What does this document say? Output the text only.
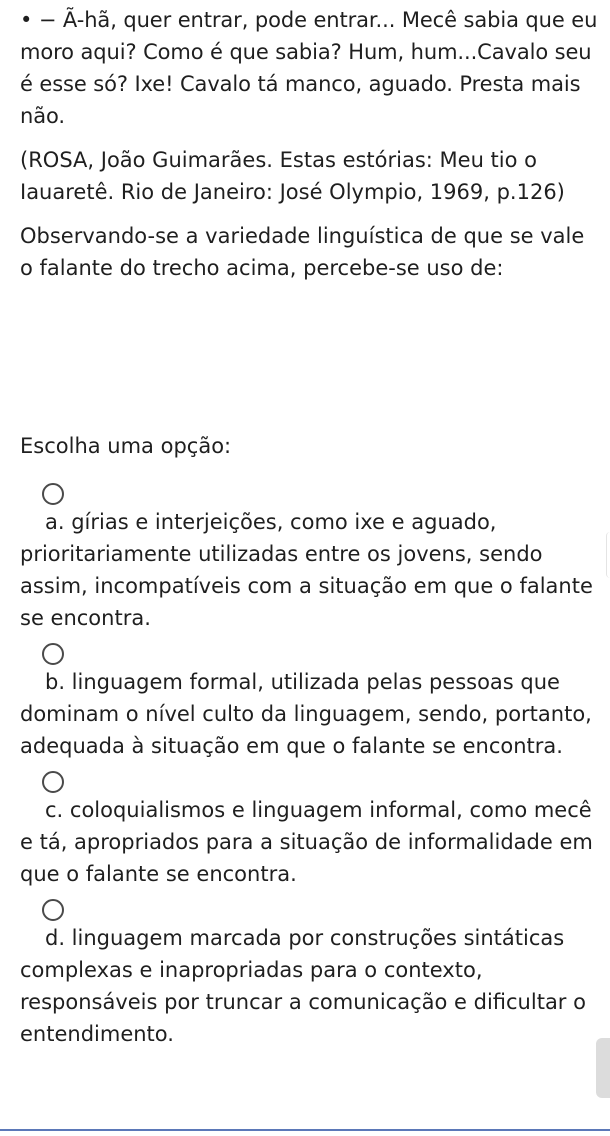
• − Ã-hã, quer entrar, pode entrar... Mecê sabia que eu moro aqui? Como é que sabia? Hum, hum...Cavalo seu é esse só? Ixe! Cavalo tá manco, aguado. Presta mais não.

(ROSA, João Guimarães. Estas estórias: Meu tio o Iauaretê. Rio de Janeiro: José Olympio, 1969, p.126)

Observando-se a variedade linguística de que se vale o falante do trecho acima, percebe-se uso de:

Escolha uma opção:
a. gírias e interjeições, como ixe e aguado, prioritariamente utilizadas entre os jovens, sendo assim, incompatíveis com a situação em que o falante se encontra.
b. linguagem formal, utilizada pelas pessoas que dominam o nível culto da linguagem, sendo, portanto, adequada à situação em que o falante se encontra.
c. coloquialismos e linguagem informal, como mecê e tá, apropriados para a situação de informalidade em que o falante se encontra.
d. linguagem marcada por construções sintáticas complexas e inapropriadas para o contexto, responsáveis por truncar a comunicação e dificultar o entendimento.
